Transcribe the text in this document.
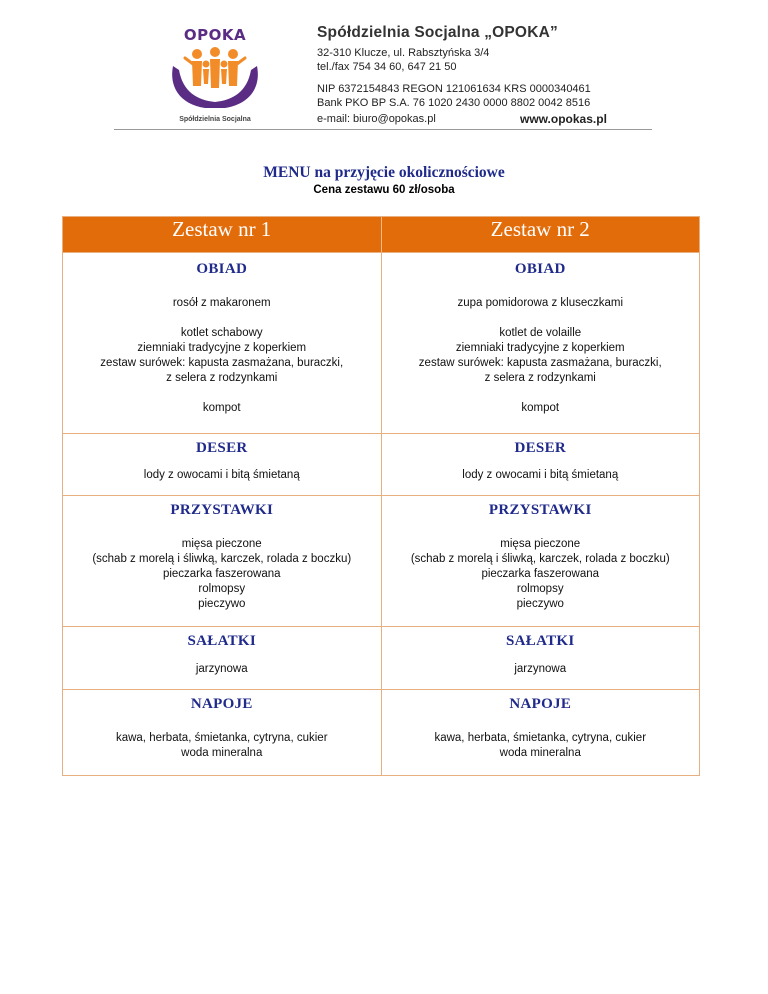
OPOKA
Spółdzielnia Socjalna
Spółdzielnia Socjalna „OPOKA”
32-310 Klucze, ul. Rabsztyńska 3/4
tel./fax 754 34 60, 647 21 50
NIP 6372154843 REGON 121061634 KRS 0000340461
Bank PKO BP S.A. 76 1020 2430 0000 8802 0042 8516
e-mail: biuro@opokas.pl	www.opokas.pl
MENU na przyjęcie okolicznościowe
Cena zestawu 60 zł/osoba
Zestaw nr 1	Zestaw nr 2
OBIAD
rosół z makaronem
kotlet schabowy
ziemniaki tradycyjne z koperkiem
zestaw surówek: kapusta zasmażana, buraczki,
z selera z rodzynkami
kompot
OBIAD
zupa pomidorowa z kluseczkami
kotlet de volaille
ziemniaki tradycyjne z koperkiem
zestaw surówek: kapusta zasmażana, buraczki,
z selera z rodzynkami
kompot
DESER
lody z owocami i bitą śmietaną
DESER
lody z owocami i bitą śmietaną
PRZYSTAWKI
mięsa pieczone
(schab z morelą i śliwką, karczek, rolada z boczku)
pieczarka faszerowana
rolmopsy
pieczywo
PRZYSTAWKI
mięsa pieczone
(schab z morelą i śliwką, karczek, rolada z boczku)
pieczarka faszerowana
rolmopsy
pieczywo
SAŁATKI
jarzynowa
SAŁATKI
jarzynowa
NAPOJE
kawa, herbata, śmietanka, cytryna, cukier
woda mineralna
NAPOJE
kawa, herbata, śmietanka, cytryna, cukier
woda mineralna
